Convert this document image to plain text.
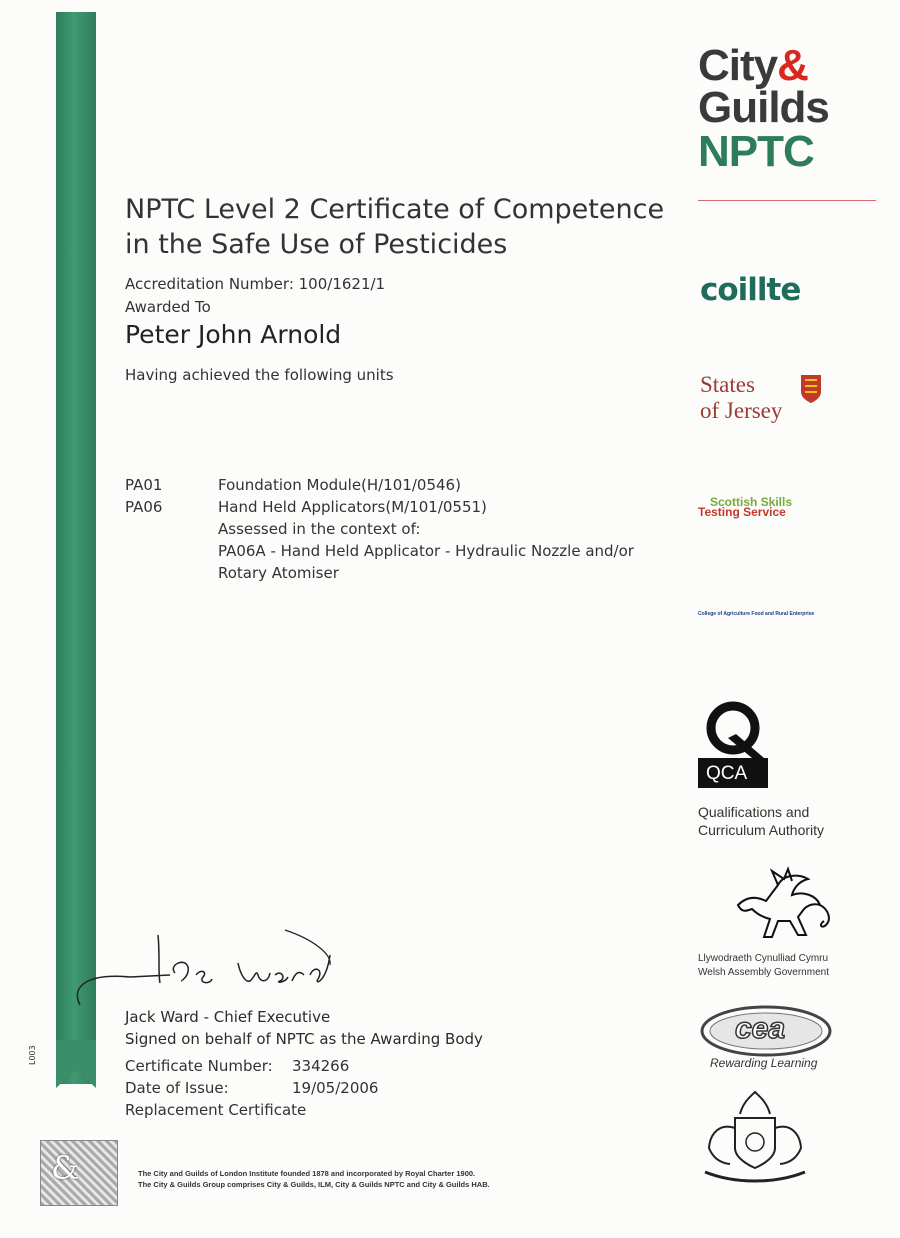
L003
NPTC Level 2 Certificate of Competence
in the Safe Use of Pesticides
Accreditation Number: 100/1621/1
Awarded To
Peter John Arnold
Having achieved the following units
PA01	Foundation Module(H/101/0546)
PA06	Hand Held Applicators(M/101/0551)
Assessed in the context of:
PA06A - Hand Held Applicator - Hydraulic Nozzle and/or
Rotary Atomiser
Jack Ward - Chief Executive
Signed on behalf of NPTC as the Awarding Body
Certificate Number: 334266
Date of Issue:	19/05/2006
Replacement Certificate
&	The City and Guilds of London Institute founded 1878 and incorporated by Royal Charter 1900.
The City & Guilds Group comprises City & Guilds, ILM, City & Guilds NPTC and City & Guilds HAB.
City&
Guilds
NPTC
coillte
States
of Jersey
Scottish Skills
Testing Service
College of Agriculture Food and Rural Enterprise
QCA
Qualifications and
Curriculum Authority
Llywodraeth Cynulliad Cymru
Welsh Assembly Government
cea
Rewarding Learning
